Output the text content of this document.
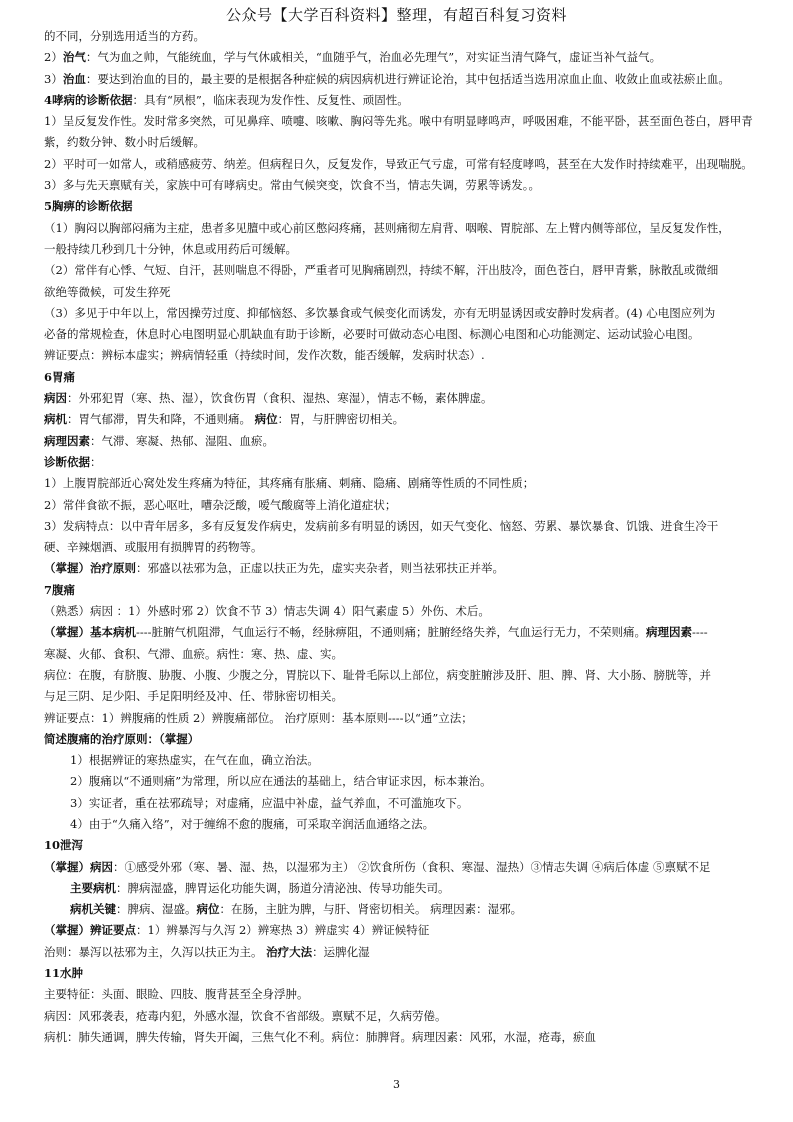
公众号【大学百科资料】整理，有超百科复习资料
的不同，分别选用适当的方药。
2）治气：气为血之帅，气能统血，学与气休戚相关，“血随乎气，治血必先理气”，对实证当清气降气，虚证当补气益气。
3）治血：要达到治血的目的，最主要的是根据各种症候的病因病机进行辨证论治，其中包括适当选用凉血止血、收敛止血或祛瘀止血。
4哮病的诊断依据：具有“夙根”，临床表现为发作性、反复性、顽固性。
1）呈反复发作性。发时常多突然，可见鼻痒、喷嚏、咳嗽、胸闷等先兆。喉中有明显哮鸣声，呼吸困难，不能平卧，甚至面色苍白，唇甲青
紫，约数分钟、数小时后缓解。
2）平时可一如常人，或稍感疲劳、纳差。但病程日久，反复发作，导致正气亏虚，可常有轻度哮鸣，甚至在大发作时持续难平，出现喘脱。
3）多与先天禀赋有关，家族中可有哮病史。常由气候突变，饮食不当，情志失调，劳累等诱发。。
5胸痹的诊断依据
（1）胸闷以胸部闷痛为主症，患者多见膻中或心前区憋闷疼痛，甚则痛彻左肩背、咽喉、胃脘部、左上臂内侧等部位，呈反复发作性，
一般持续几秒到几十分钟，休息或用药后可缓解。
（2）常伴有心悸、气短、自汗，甚则喘息不得卧，严重者可见胸痛剧烈，持续不解，汗出肢冷，面色苍白，唇甲青紫，脉散乱或微细
欲绝等微候，可发生猝死
（3）多见于中年以上，常因操劳过度、抑郁恼怒、多饮暴食或气候变化而诱发，亦有无明显诱因或安静时发病者。(4) 心电图应列为
必备的常规检查，休息时心电图明显心肌缺血有助于诊断，必要时可做动态心电图、标测心电图和心功能测定、运动试验心电图。
辨证要点：辨标本虚实；辨病情轻重（持续时间，发作次数，能否缓解，发病时状态）.
6胃痛
病因：外邪犯胃（寒、热、湿），饮食伤胃（食积、湿热、寒湿），情志不畅，素体脾虚。
病机：胃气郁滞，胃失和降，不通则痛。 病位：胃，与肝脾密切相关。
病理因素：气滞、寒凝、热郁、湿阻、血瘀。
诊断依据：
1）上腹胃脘部近心窝处发生疼痛为特征，其疼痛有胀痛、刺痛、隐痛、剧痛等性质的不同性质；
2）常伴食欲不振，恶心呕吐，嘈杂泛酸，嗳气酸腐等上消化道症状；
3）发病特点：以中青年居多，多有反复发作病史，发病前多有明显的诱因，如天气变化、恼怒、劳累、暴饮暴食、饥饿、进食生冷干
硬、辛辣烟酒、或服用有损脾胃的药物等。
（掌握）治疗原则：邪盛以祛邪为急，正虚以扶正为先，虚实夹杂者，则当祛邪扶正并举。
7腹痛
（熟悉）病因 ：1）外感时邪 2）饮食不节 3）情志失调 4）阳气素虚 5）外伤、术后。
（掌握）基本病机----脏腑气机阻滞，气血运行不畅，经脉痹阻，不通则痛；脏腑经络失养，气血运行无力，不荣则痛。病理因素----
寒凝、火郁、食积、气滞、血瘀。病性：寒、热、虚、实。
病位：在腹，有脐腹、胁腹、小腹、少腹之分，胃脘以下、耻骨毛际以上部位，病变脏腑涉及肝、胆、脾、肾、大小肠、膀胱等，并
与足三阴、足少阳、手足阳明经及冲、任、带脉密切相关。
辨证要点：1）辨腹痛的性质 2）辨腹痛部位。 治疗原则：基本原则----以“通”立法；
简述腹痛的治疗原则：（掌握）
1）根据辨证的寒热虚实，在气在血，确立治法。
2）腹痛以“不通则痛”为常理，所以应在通法的基础上，结合审证求因，标本兼治。
3）实证者，重在祛邪疏导；对虚痛，应温中补虚，益气养血，不可滥施攻下。
4）由于“久痛入络”，对于缠绵不愈的腹痛，可采取辛润活血通络之法。
10泄泻
（掌握）病因：①感受外邪（寒、暑、湿、热，以湿邪为主） ②饮食所伤（食积、寒湿、湿热）③情志失调 ④病后体虚 ⑤禀赋不足
主要病机：脾病湿盛，脾胃运化功能失调，肠道分清泌浊、传导功能失司。
病机关键：脾病、湿盛。病位：在肠，主脏为脾，与肝、肾密切相关。 病理因素：湿邪。
（掌握）辨证要点：1）辨暴泻与久泻 2）辨寒热 3）辨虚实 4）辨证候特征
治则：暴泻以祛邪为主，久泻以扶正为主。 治疗大法：运脾化湿
11水肿
主要特征：头面、眼睑、四肢、腹背甚至全身浮肿。
病因：风邪袭表，疮毒内犯，外感水湿，饮食不省部级。禀赋不足，久病劳倦。
病机：肺失通调，脾失传输，肾失开阖，三焦气化不利。病位：肺脾肾。病理因素：风邪，水湿，疮毒，瘀血
3
